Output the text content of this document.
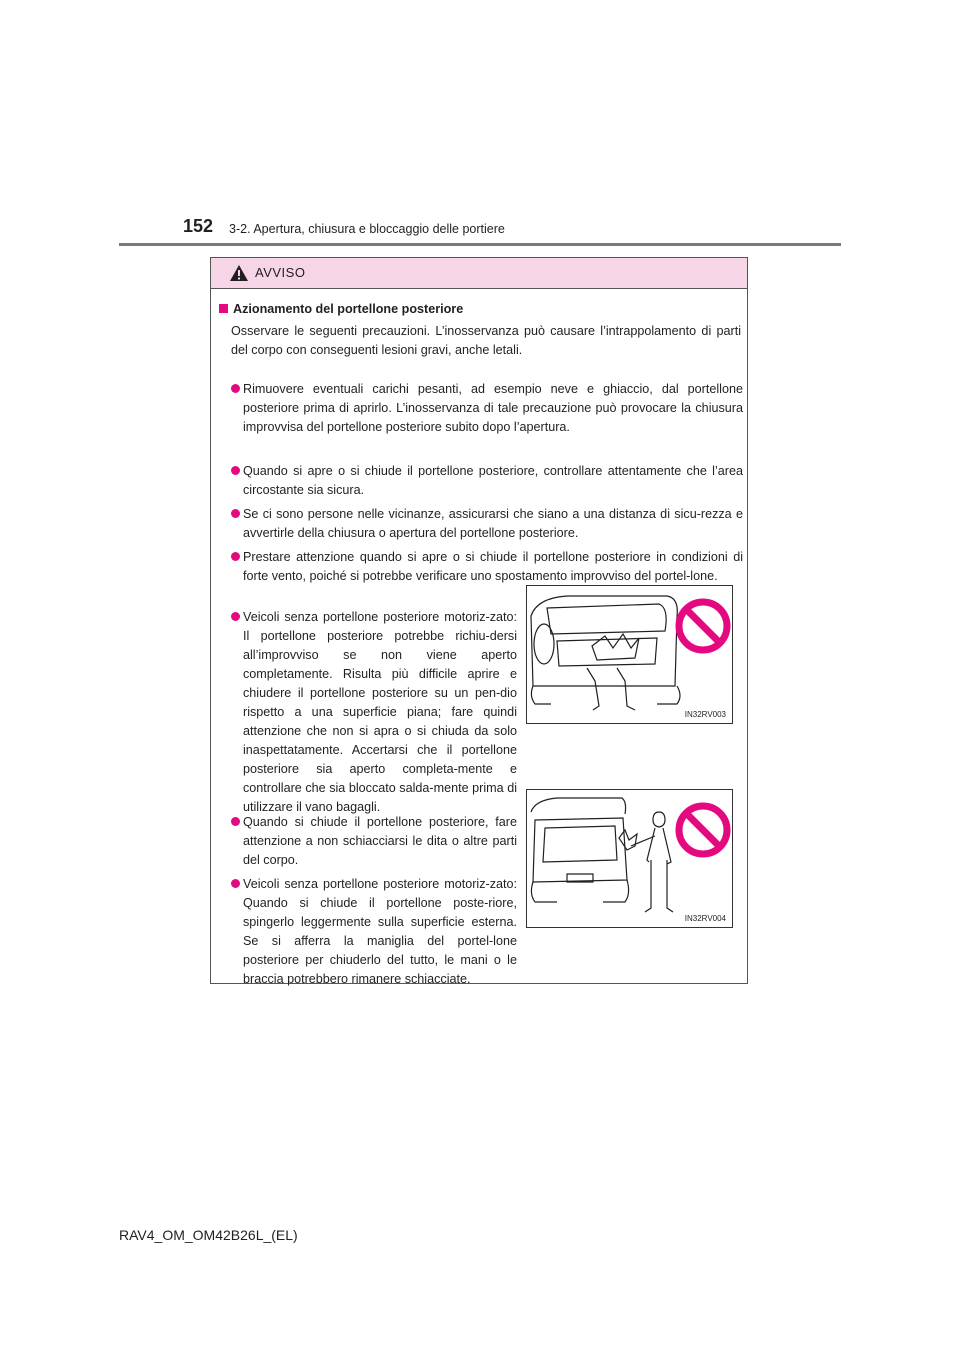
152 3-2. Apertura, chiusura e bloccaggio delle portiere
AVVISO
Azionamento del portellone posteriore
Osservare le seguenti precauzioni. L’inosservanza può causare l’intrappolamento di parti del corpo con conseguenti lesioni gravi, anche letali.
Rimuovere eventuali carichi pesanti, ad esempio neve e ghiaccio, dal portellone posteriore prima di aprirlo. L’inosservanza di tale precauzione può provocare la chiusura improvvisa del portellone posteriore subito dopo l’apertura.
Quando si apre o si chiude il portellone posteriore, controllare attentamente che l’area circostante sia sicura.
Se ci sono persone nelle vicinanze, assicurarsi che siano a una distanza di sicu-rezza e avvertirle della chiusura o apertura del portellone posteriore.
Prestare attenzione quando si apre o si chiude il portellone posteriore in condizioni di forte vento, poiché si potrebbe verificare uno spostamento improvviso del portel-lone.
Veicoli senza portellone posteriore motoriz-zato: Il portellone posteriore potrebbe richiu-dersi all’improvviso se non viene aperto completamente. Risulta più difficile aprire e chiudere il portellone posteriore su un pen-dio rispetto a una superficie piana; fare quindi attenzione che non si apra o si chiuda da solo inaspettatamente. Accertarsi che il portellone posteriore sia aperto completa-mente e controllare che sia bloccato salda-mente prima di utilizzare il vano bagagli.
Quando si chiude il portellone posteriore, fare attenzione a non schiacciarsi le dita o altre parti del corpo.
Veicoli senza portellone posteriore motoriz-zato: Quando si chiude il portellone poste-riore, spingerlo leggermente sulla superficie esterna. Se si afferra la maniglia del portel-lone posteriore per chiuderlo del tutto, le mani o le braccia potrebbero rimanere schiacciate.
IN32RV003
IN32RV004
RAV4_OM_OM42B26L_(EL)
